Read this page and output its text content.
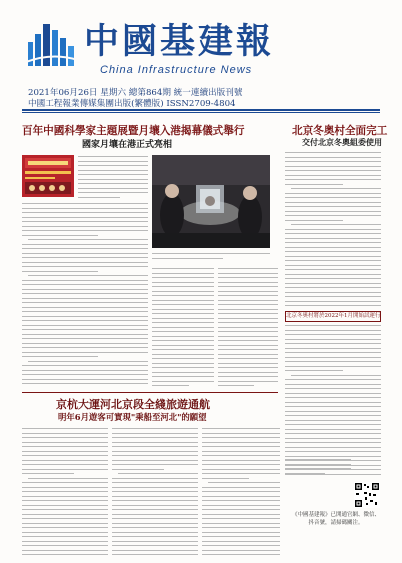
中國基建報
China Infrastructure News
2021年06月26日 星期六 總第864期 統一連續出版刊號
中國工程報業傳媒集團出版(繁體版) ISSN2709-4804
百年中國科學家主題展暨月壤入港揭幕儀式舉行
國家月壤在港正式亮相
北京冬奥村全面完工
交付北京冬奧組委使用
北京冬奧村將於2022年1月開始試運行
京杭大運河北京段全綫旅遊通航
明年6月遊客可實現"乘船至河北"的願望
《中國基建報》已開通官網、微信、抖音號，請掃碼關注。
